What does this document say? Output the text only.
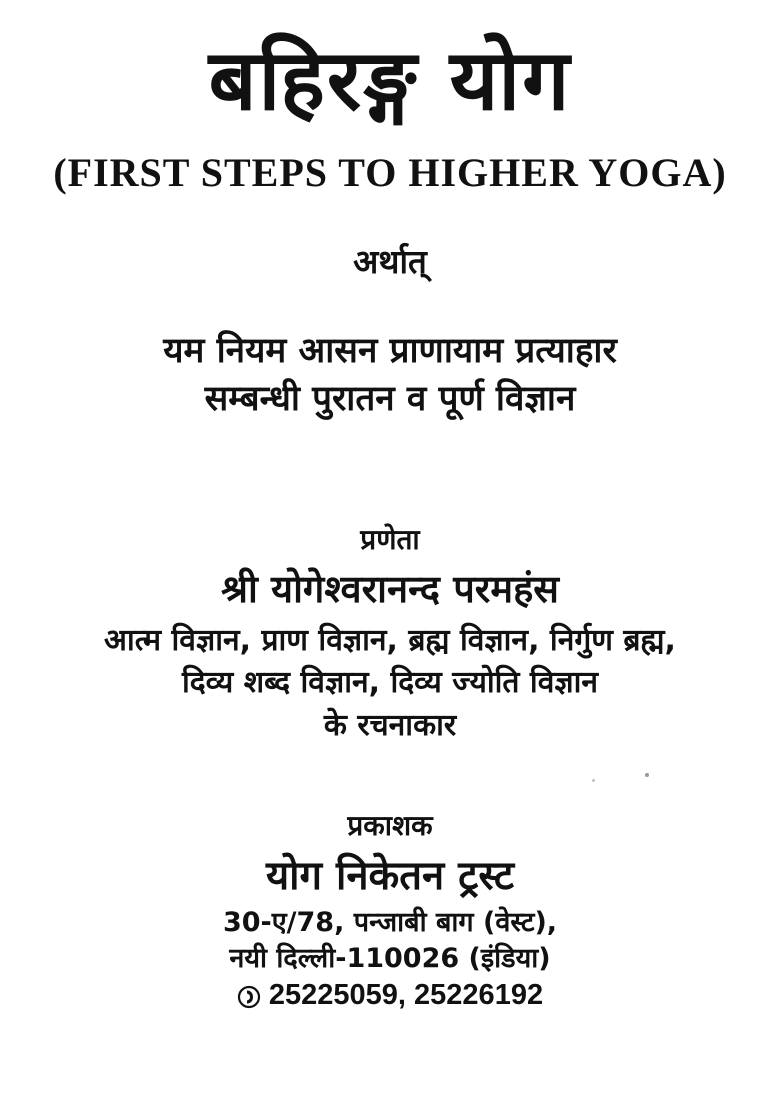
बहिरङ्ग योग
(FIRST STEPS TO HIGHER YOGA)
अर्थात्
यम नियम आसन प्राणायाम प्रत्याहार
सम्बन्धी पुरातन व पूर्ण विज्ञान
प्रणेता
श्री योगेश्वरानन्द परमहंस
आत्म विज्ञान, प्राण विज्ञान, ब्रह्म विज्ञान, निर्गुण ब्रह्म,
दिव्य शब्द विज्ञान, दिव्य ज्योति विज्ञान
के रचनाकार
प्रकाशक
योग निकेतन ट्रस्ट
30-ए/78, पन्जाबी बाग (वेस्ट),
नयी दिल्ली-110026 (इंडिया)
25225059, 25226192
